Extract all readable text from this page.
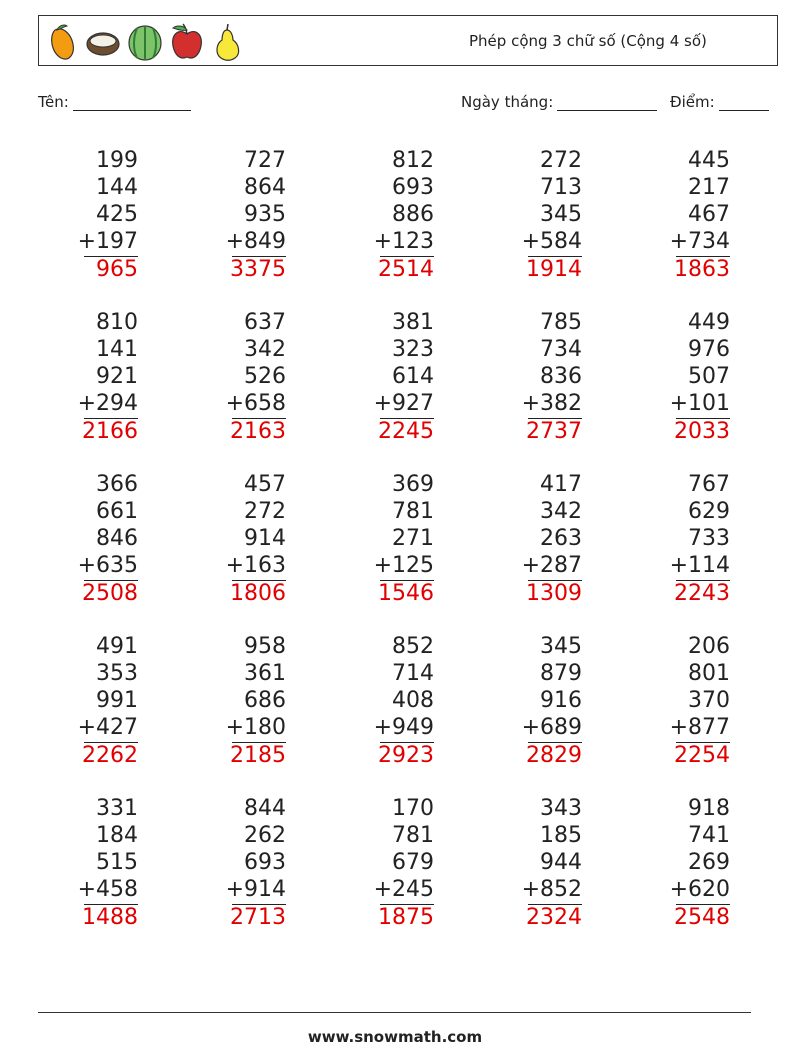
Phép cộng 3 chữ số (Cộng 4 số)
Tên:	Ngày tháng:	Điểm:
199
144
425
+197
965
727
864
935
+849
3375
812
693
886
+123
2514
272
713
345
+584
1914
445
217
467
+734
1863
810
141
921
+294
2166
637
342
526
+658
2163
381
323
614
+927
2245
785
734
836
+382
2737
449
976
507
+101
2033
366
661
846
+635
2508
457
272
914
+163
1806
369
781
271
+125
1546
417
342
263
+287
1309
767
629
733
+114
2243
491
353
991
+427
2262
958
361
686
+180
2185
852
714
408
+949
2923
345
879
916
+689
2829
206
801
370
+877
2254
331
184
515
+458
1488
844
262
693
+914
2713
170
781
679
+245
1875
343
185
944
+852
2324
918
741
269
+620
2548
www.snowmath.com
